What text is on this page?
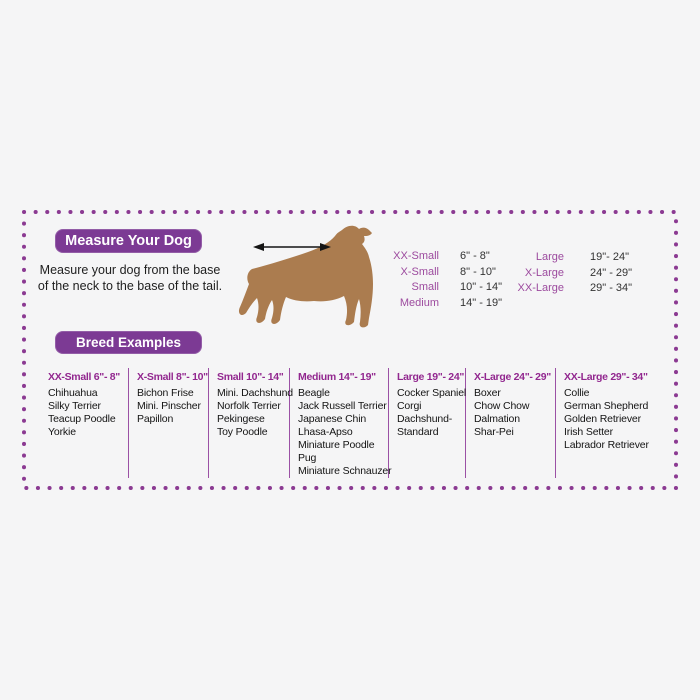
Measure Your Dog
Measure your dog from the base
of the neck to the base of the tail.
XX-Small 6" - 8"
X-Small 8" - 10"
Small 10" - 14"
Medium 14" - 19"
Large 19"- 24"
X-Large 24" - 29"
XX-Large 29" - 34"
Breed Examples
XX-Small 6"- 8"
Chihuahua
Silky Terrier
Teacup Poodle
Yorkie
X-Small 8"- 10"
Bichon Frise
Mini. Pinscher
Papillon
Small 10"- 14"
Mini. Dachshund
Norfolk Terrier
Pekingese
Toy Poodle
Medium 14"- 19"
Beagle
Jack Russell Terrier
Japanese Chin
Lhasa-Apso
Miniature Poodle
Pug
Miniature Schnauzer
Large 19"- 24"
Cocker Spaniel
Corgi
Dachshund-Standard
X-Large 24"- 29"
Boxer
Chow Chow
Dalmation
Shar-Pei
XX-Large 29"- 34"
Collie
German Shepherd
Golden Retriever
Irish Setter
Labrador Retriever
